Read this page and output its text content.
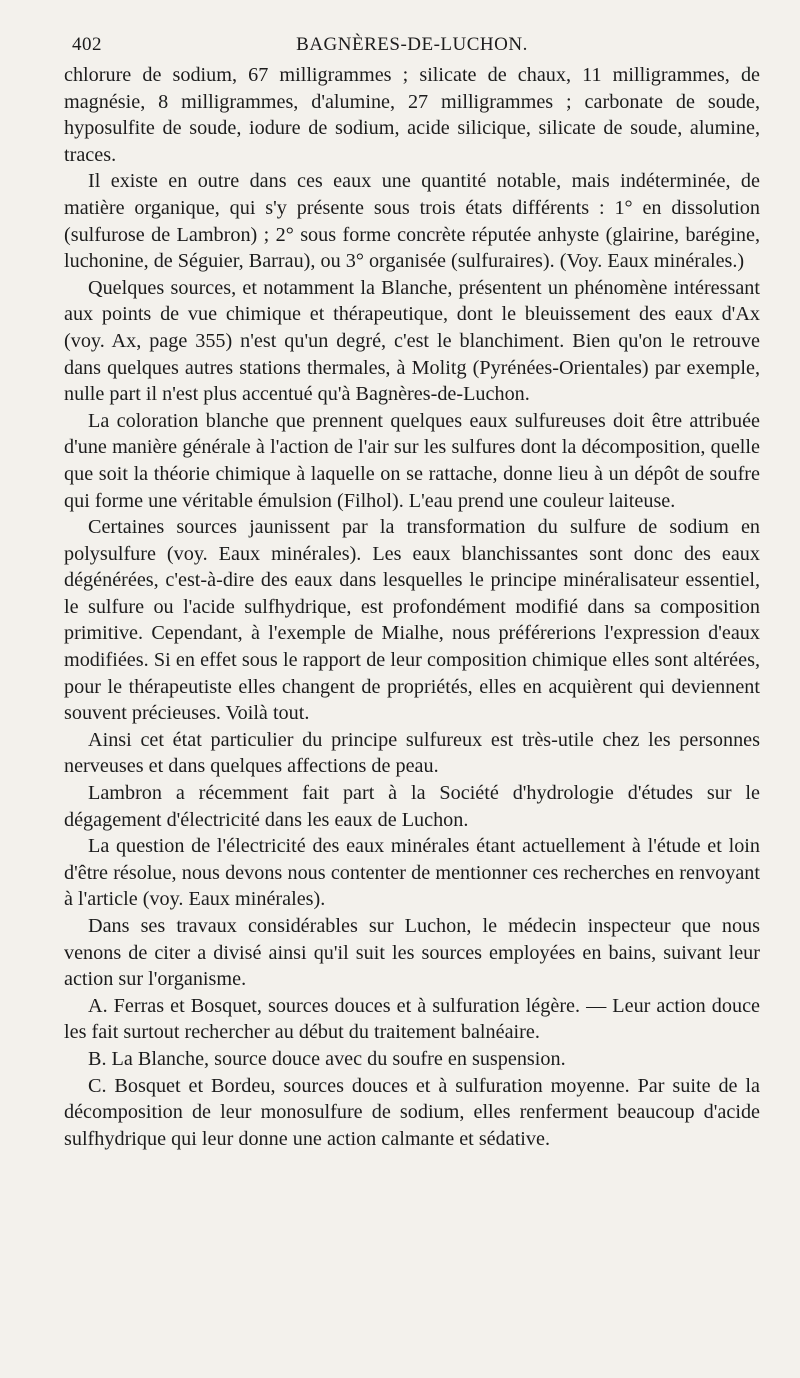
402	BAGNÈRES-DE-LUCHON.

chlorure de sodium, 67 milligrammes ; silicate de chaux, 11 milligrammes, de magnésie, 8 milligrammes, d'alumine, 27 milligrammes ; carbonate de soude, hyposulfite de soude, iodure de sodium, acide silicique, silicate de soude, alumine, traces.

Il existe en outre dans ces eaux une quantité notable, mais indéterminée, de matière organique, qui s'y présente sous trois états différents : 1° en dissolution (sulfurose de Lambron) ; 2° sous forme concrète réputée anhyste (glairine, barégine, luchonine, de Séguier, Barrau), ou 3° organisée (sulfuraires). (Voy. Eaux minérales.)

Quelques sources, et notamment la Blanche, présentent un phénomène intéressant aux points de vue chimique et thérapeutique, dont le bleuissement des eaux d'Ax (voy. Ax, page 355) n'est qu'un degré, c'est le blanchiment. Bien qu'on le retrouve dans quelques autres stations thermales, à Molitg (Pyrénées-Orientales) par exemple, nulle part il n'est plus accentué qu'à Bagnères-de-Luchon.

La coloration blanche que prennent quelques eaux sulfureuses doit être attribuée d'une manière générale à l'action de l'air sur les sulfures dont la décomposition, quelle que soit la théorie chimique à laquelle on se rattache, donne lieu à un dépôt de soufre qui forme une véritable émulsion (Filhol). L'eau prend une couleur laiteuse.

Certaines sources jaunissent par la transformation du sulfure de sodium en polysulfure (voy. Eaux minérales). Les eaux blanchissantes sont donc des eaux dégénérées, c'est-à-dire des eaux dans lesquelles le principe minéralisateur essentiel, le sulfure ou l'acide sulfhydrique, est profondément modifié dans sa composition primitive. Cependant, à l'exemple de Mialhe, nous préférerions l'expression d'eaux modifiées. Si en effet sous le rapport de leur composition chimique elles sont altérées, pour le thérapeutiste elles changent de propriétés, elles en acquièrent qui deviennent souvent précieuses. Voilà tout.

Ainsi cet état particulier du principe sulfureux est très-utile chez les personnes nerveuses et dans quelques affections de peau.

Lambron a récemment fait part à la Société d'hydrologie d'études sur le dégagement d'électricité dans les eaux de Luchon.

La question de l'électricité des eaux minérales étant actuellement à l'étude et loin d'être résolue, nous devons nous contenter de mentionner ces recherches en renvoyant à l'article (voy. Eaux minérales).

Dans ses travaux considérables sur Luchon, le médecin inspecteur que nous venons de citer a divisé ainsi qu'il suit les sources employées en bains, suivant leur action sur l'organisme.

A. Ferras et Bosquet, sources douces et à sulfuration légère. — Leur action douce les fait surtout rechercher au début du traitement balnéaire.

B. La Blanche, source douce avec du soufre en suspension.

C. Bosquet et Bordeu, sources douces et à sulfuration moyenne. Par suite de la décomposition de leur monosulfure de sodium, elles renferment beaucoup d'acide sulfhydrique qui leur donne une action calmante et sédative.
